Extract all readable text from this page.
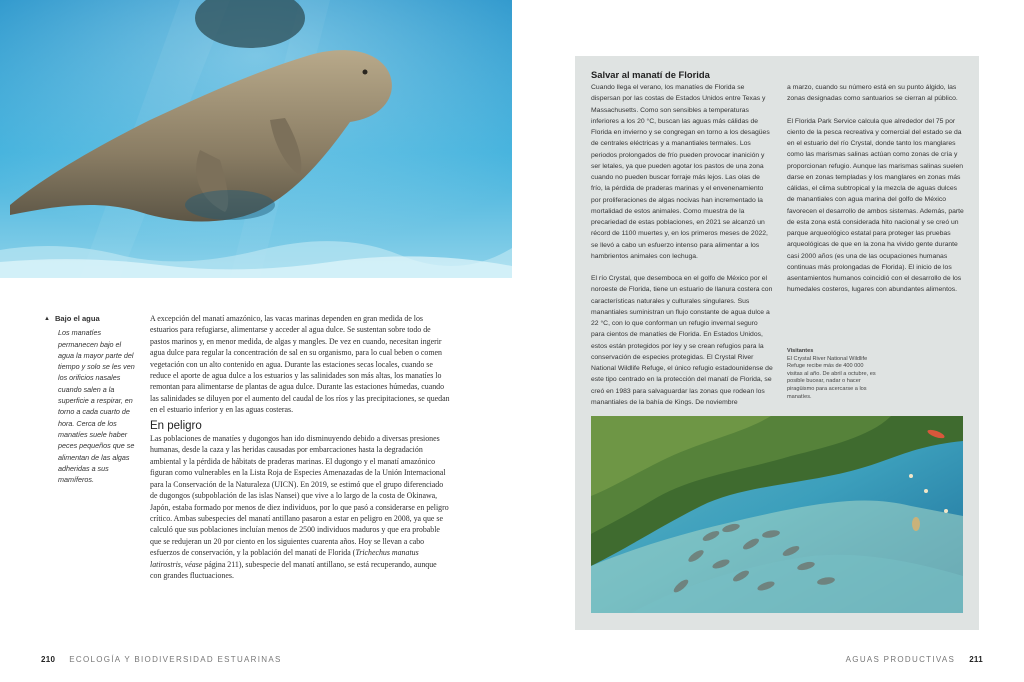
▲ Bajo el agua
Los manatíes permanecen bajo el agua la mayor parte del tiempo y solo se les ven los orificios nasales cuando salen a la superficie a respirar, en torno a cada cuarto de hora. Cerca de los manatíes suele haber peces pequeños que se alimentan de las algas adheridas a sus mamíferos.

A excepción del manatí amazónico, las vacas marinas dependen en gran medida de los estuarios para refugiarse, alimentarse y acceder al agua dulce. Se sustentan sobre todo de pastos marinos y, en menor medida, de algas y mangles. De vez en cuando, necesitan ingerir agua dulce para regular la concentración de sal en su organismo, para lo cual beben o comen vegetación con un alto contenido en agua. Durante las estaciones secas locales, cuando se reduce el aporte de agua dulce a los estuarios y las salinidades son más altas, los manatíes lo remontan para alimentarse de plantas de agua dulce. Durante las estaciones húmedas, cuando las salinidades se diluyen por el aumento del caudal de los ríos y las precipitaciones, se quedan en el estuario inferior y en las aguas costeras.

En peligro

Las poblaciones de manatíes y dugongos han ido disminuyendo debido a diversas presiones humanas, desde la caza y las heridas causadas por embarcaciones hasta la degradación ambiental y la pérdida de hábitats de praderas marinas. El dugongo y el manatí amazónico figuran como vulnerables en la Lista Roja de Especies Amenazadas de la Unión Internacional para la Conservación de la Naturaleza (UICN). En 2019, se estimó que el grupo diferenciado de dugongos (subpoblación de las islas Nansei) que vive a lo largo de la costa de Okinawa, Japón, estaba formado por menos de diez individuos, por lo que pasó a considerarse en peligro crítico. Ambas subespecies del manatí antillano pasaron a estar en peligro en 2008, ya que se calculó que sus poblaciones incluían menos de 2500 individuos maduros y que era probable que se redujeran un 20 por ciento en los siguientes cuarenta años. Hoy se llevan a cabo esfuerzos de conservación, y la población del manatí de Florida (Trichechus manatus latirostris, véase página 211), subespecie del manatí antillano, se está recuperando, aunque con grandes fluctuaciones.

210 ECOLOGÍA Y BIODIVERSIDAD ESTUARINAS
Salvar al manatí de Florida

Cuando llega el verano, los manatíes de Florida se dispersan por las costas de Estados Unidos entre Texas y Massachusetts. Como son sensibles a temperaturas inferiores a los 20 °C, buscan las aguas más cálidas de Florida en invierno y se congregan en torno a los desagües de centrales eléctricas y a manantiales termales. Los periodos prolongados de frío pueden provocar inanición y ser letales, ya que pueden agotar los pastos de una zona cuando no pueden buscar forraje más lejos. Las olas de frío, la pérdida de praderas marinas y el envenenamiento por proliferaciones de algas nocivas han incrementado la mortalidad de estos animales. Como muestra de la precariedad de estas poblaciones, en 2021 se alcanzó un récord de 1100 muertes y, en los primeros meses de 2022, se llevó a cabo un esfuerzo intenso para alimentar a los hambrientos animales con lechuga.

El río Crystal, que desemboca en el golfo de México por el noroeste de Florida, tiene un estuario de llanura costera con características naturales y culturales singulares. Sus manantiales suministran un flujo constante de agua dulce a 22 °C, con lo que conforman un refugio invernal seguro para cientos de manatíes de Florida. En Estados Unidos, estos están protegidos por ley y se crean refugios para la conservación de especies protegidas. El Crystal River National Wildlife Refuge, el único refugio estadounidense de este tipo centrado en la protección del manatí de Florida, se creó en 1983 para salvaguardar las zonas que rodean los manantiales de la bahía de Kings. De noviembre

a marzo, cuando su número está en su punto álgido, las zonas designadas como santuarios se cierran al público.

El Florida Park Service calcula que alrededor del 75 por ciento de la pesca recreativa y comercial del estado se da en el estuario del río Crystal, donde tanto los manglares como las marismas salinas actúan como zonas de cría y proporcionan refugio. Aunque las marismas salinas suelen darse en zonas templadas y los manglares en zonas más cálidas, el clima subtropical y la mezcla de aguas dulces de manantiales con agua marina del golfo de México favorecen el desarrollo de ambos sistemas. Además, parte de esta zona está considerada hito nacional y se creó un parque arqueológico estatal para proteger las pruebas arqueológicas de que en la zona ha vivido gente durante casi 2000 años (es una de las ocupaciones humanas continuas más prolongadas de Florida). El inicio de los asentamientos humanos coincidió con el desarrollo de los humedales costeros, lugares con abundantes alimentos.

Visitantes
El Crystal River National Wildlife Refuge recibe más de 400 000 visitas al año. De abril a octubre, es posible bucear, nadar o hacer piragüismo para acercarse a los manatíes.
AGUAS PRODUCTIVAS 211
